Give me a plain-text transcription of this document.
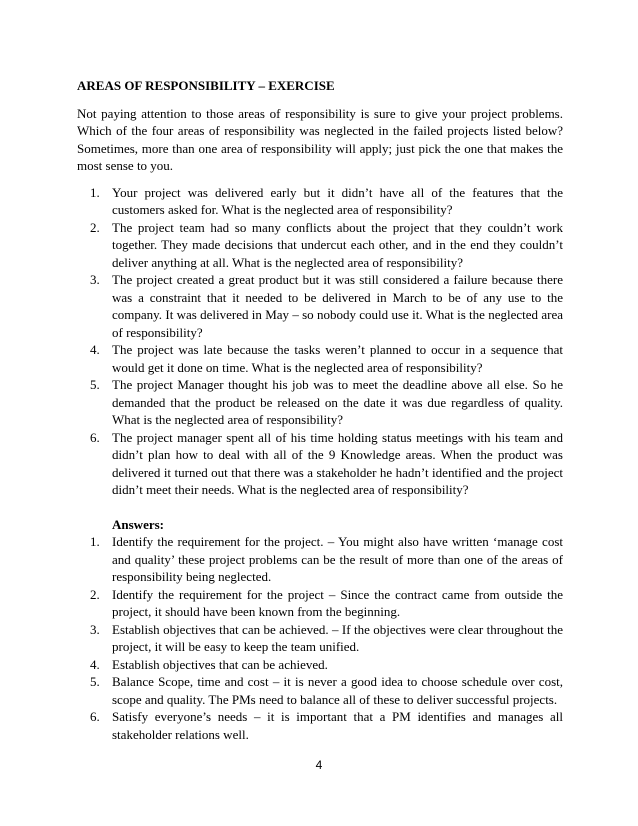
AREAS OF RESPONSIBILITY – EXERCISE

Not paying attention to those areas of responsibility is sure to give your project problems. Which of the four areas of responsibility was neglected in the failed projects listed below? Sometimes, more than one area of responsibility will apply; just pick the one that makes the most sense to you.

1. Your project was delivered early but it didn’t have all of the features that the customers asked for. What is the neglected area of responsibility?
2. The project team had so many conflicts about the project that they couldn’t work together. They made decisions that undercut each other, and in the end they couldn’t deliver anything at all. What is the neglected area of responsibility?
3. The project created a great product but it was still considered a failure because there was a constraint that it needed to be delivered in March to be of any use to the company. It was delivered in May – so nobody could use it. What is the neglected area of responsibility?
4. The project was late because the tasks weren’t planned to occur in a sequence that would get it done on time. What is the neglected area of responsibility?
5. The project Manager thought his job was to meet the deadline above all else. So he demanded that the product be released on the date it was due regardless of quality. What is the neglected area of responsibility?
6. The project manager spent all of his time holding status meetings with his team and didn’t plan how to deal with all of the 9 Knowledge areas. When the product was delivered it turned out that there was a stakeholder he hadn’t identified and the project didn’t meet their needs. What is the neglected area of responsibility?
Answers:
1. Identify the requirement for the project. – You might also have written ‘manage cost and quality’ these project problems can be the result of more than one of the areas of responsibility being neglected.
2. Identify the requirement for the project – Since the contract came from outside the project, it should have been known from the beginning.
3. Establish objectives that can be achieved. – If the objectives were clear throughout the project, it will be easy to keep the team unified.
4. Establish objectives that can be achieved.
5. Balance Scope, time and cost – it is never a good idea to choose schedule over cost, scope and quality. The PMs need to balance all of these to deliver successful projects.
6. Satisfy everyone’s needs – it is important that a PM identifies and manages all stakeholder relations well.
4
